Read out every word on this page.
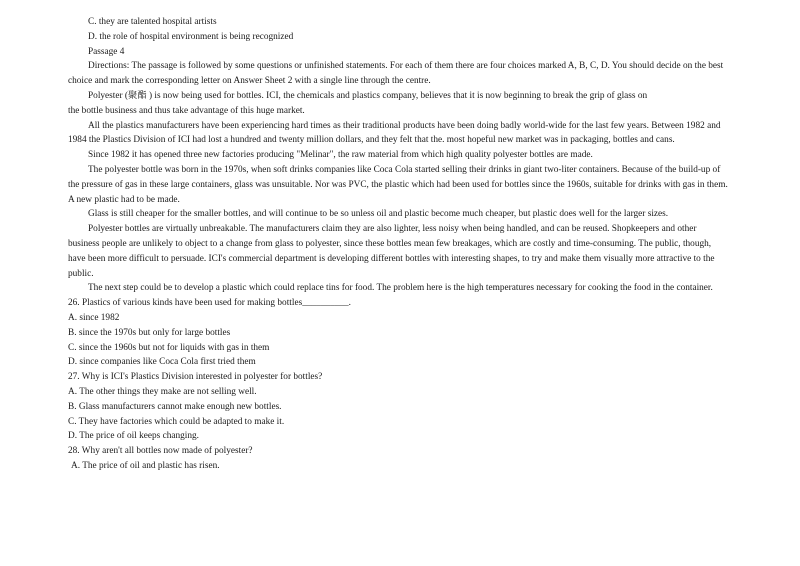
C. they are talented hospital artists

D. the role of hospital environment is being recognized

Passage 4

Directions: The passage is followed by some questions or unfinished statements. For each of them there are four choices marked A, B, C, D. You should decide on the best choice and mark the corresponding letter on Answer Sheet 2 with a single line through the centre.

Polyester (聚酯 ) is now being used for bottles. ICI, the chemicals and plastics company, believes that it is now beginning to break the grip of glass on

the bottle business and thus take advantage of this huge market.

All the plastics manufacturers have been experiencing hard times as their traditional products have been doing badly world-wide for the last few years. Between 1982 and 1984 the Plastics Division of ICI had lost a hundred and twenty million dollars, and they felt that the. most hopeful new market was in packaging, bottles and cans.

Since 1982 it has opened three new factories producing "Melinar", the raw material from which high quality polyester bottles are made.

The polyester bottle was born in the 1970s, when soft drinks companies like Coca Cola started selling their drinks in giant two-liter containers. Because of the build-up of the pressure of gas in these large containers, glass was unsuitable. Nor was PVC, the plastic which had been used for bottles since the 1960s, suitable for drinks with gas in them. A new plastic had to be made.

Glass is still cheaper for the smaller bottles, and will continue to be so unless oil and plastic become much cheaper, but plastic does well for the larger sizes.

Polyester bottles are virtually unbreakable. The manufacturers claim they are also lighter, less noisy when being handled, and can be reused. Shopkeepers and other business people are unlikely to object to a change from glass to polyester, since these bottles mean few breakages, which are costly and time-consuming. The public, though, have been more difficult to persuade. ICI's commercial department is developing different bottles with interesting shapes, to try and make them visually more attractive to the public.

The next step could be to develop a plastic which could replace tins for food. The problem here is the high temperatures necessary for cooking the food in the container.

26. Plastics of various kinds have been used for making bottles__________.

A. since 1982

B. since the 1970s but only for large bottles

C. since the 1960s but not for liquids with gas in them

D. since companies like Coca Cola first tried them

27. Why is ICI's Plastics Division interested in polyester for bottles?

A. The other things they make are not selling well.

B. Glass manufacturers cannot make enough new bottles.

C. They have factories which could be adapted to make it.

D. The price of oil keeps changing.

28. Why aren't all bottles now made of polyester?

A. The price of oil and plastic has risen.
